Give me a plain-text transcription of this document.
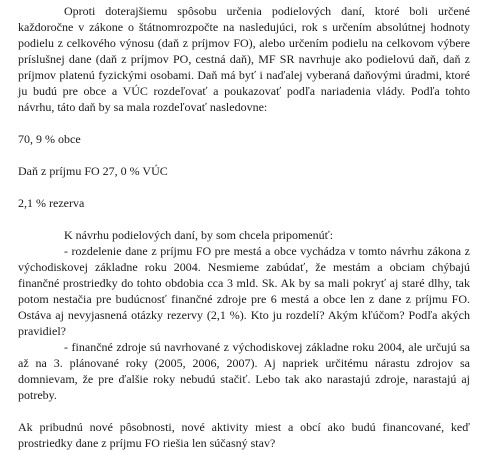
Oproti doterajšiemu spôsobu určenia podielových daní, ktoré boli určené každoročne v zákone o štátnomrozpočte na nasledujúci, rok s určením absolútnej hodnoty podielu z celkového výnosu (daň z príjmov FO), alebo určením podielu na celkovom výbere príslušnej dane (daň z príjmov PO, cestná daň), MF SR navrhuje ako podielovú daň, daň z príjmov platenú fyzickými osobami. Daň má byť i naďalej vyberaná daňovými úradmi, ktoré ju budú pre obce a VÚC rozdeľovať a poukazovať podľa nariadenia vlády. Podľa tohto návrhu, táto daň by sa mala rozdeľovať nasledovne:

70, 9 % obce

Daň z príjmu FO 27, 0 % VÚC

2,1 % rezerva

K návrhu podielových daní, by som chcela pripomenúť:

- rozdelenie dane z príjmu FO pre mestá a obce vychádza v tomto návrhu zákona z východiskovej základne roku 2004. Nesmieme zabúdať, že mestám a obciam chýbajú finančné prostriedky do tohto obdobia cca 3 mld. Sk. Ak by sa mali pokryť aj staré dlhy, tak potom nestačia pre budúcnosť finančné zdroje pre 6 mestá a obce len z dane z príjmu FO. Ostáva aj nevyjasnená otázky rezervy (2,1 %). Kto ju rozdelí? Akým kľúčom? Podľa akých pravidiel?

- finančné zdroje sú navrhované z východiskovej základne roku 2004, ale určujú sa až na 3. plánované roky (2005, 2006, 2007). Aj napriek určitému nárastu zdrojov sa domnievam, že pre ďalšie roky nebudú stačiť. Lebo tak ako narastajú zdroje, narastajú aj potreby.

Ak pribudnú nové pôsobnosti, nové aktivity miest a obcí ako budú financované, keď prostriedky dane z príjmu FO riešia len súčasný stav?
